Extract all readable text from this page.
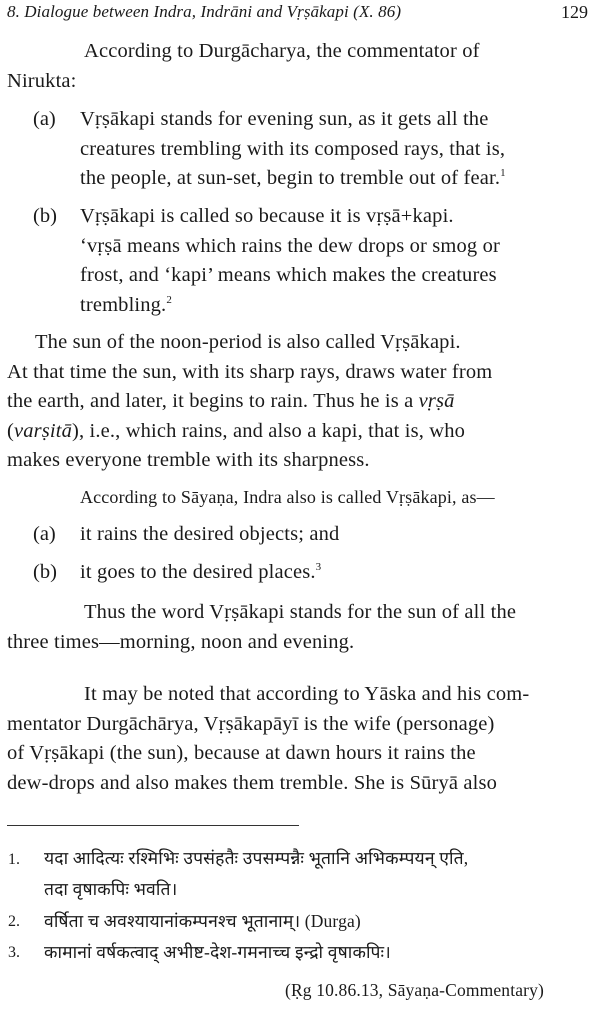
8. Dialogue between Indra, Indrāni and Vṛṣākapi (X. 86)	129
According to Durgācharya, the commentator of
Nirukta:
(a) Vṛṣākapi stands for evening sun, as it gets all the
creatures trembling with its composed rays, that is,
the people, at sun-set, begin to tremble out of fear.$^1$
(b) Vṛṣākapi is called so because it is vṛṣā+kapi.
‘vṛṣā means which rains the dew drops or smog or
frost, and ‘kapi’ means which makes the creatures
trembling.$^2$
The sun of the noon-period is also called Vṛṣākapi.
At that time the sun, with its sharp rays, draws water from
the earth, and later, it begins to rain. Thus he is a vṛṣā
(varṣitā), i.e., which rains, and also a kapi, that is, who
makes everyone tremble with its sharpness.
According to Sāyaṇa, Indra also is called Vṛṣākapi, as—
(a) it rains the desired objects; and
(b) it goes to the desired places.$^3$
Thus the word Vṛṣākapi stands for the sun of all the
three times—morning, noon and evening.
It may be noted that according to Yāska and his com-
mentator Durgāchārya, Vṛṣākapāyī is the wife (personage)
of Vṛṣākapi (the sun), because at dawn hours it rains the
dew-drops and also makes them tremble. She is Sūryā also
1. यदा आदित्यः रश्मिभिः उपसंहतैः उपसम्पन्नैः भूतानि अभिकम्पयन् एति,
तदा वृषाकपिः भवति।
2. वर्षिता च अवश्यायानांकम्पनश्च भूतानाम्। (Durga)
3. कामानां वर्षकत्वाद् अभीष्ट-देश-गमनाच्च इन्द्रो वृषाकपिः।
(Ṛg 10.86.13, Sāyaṇa-Commentary)
